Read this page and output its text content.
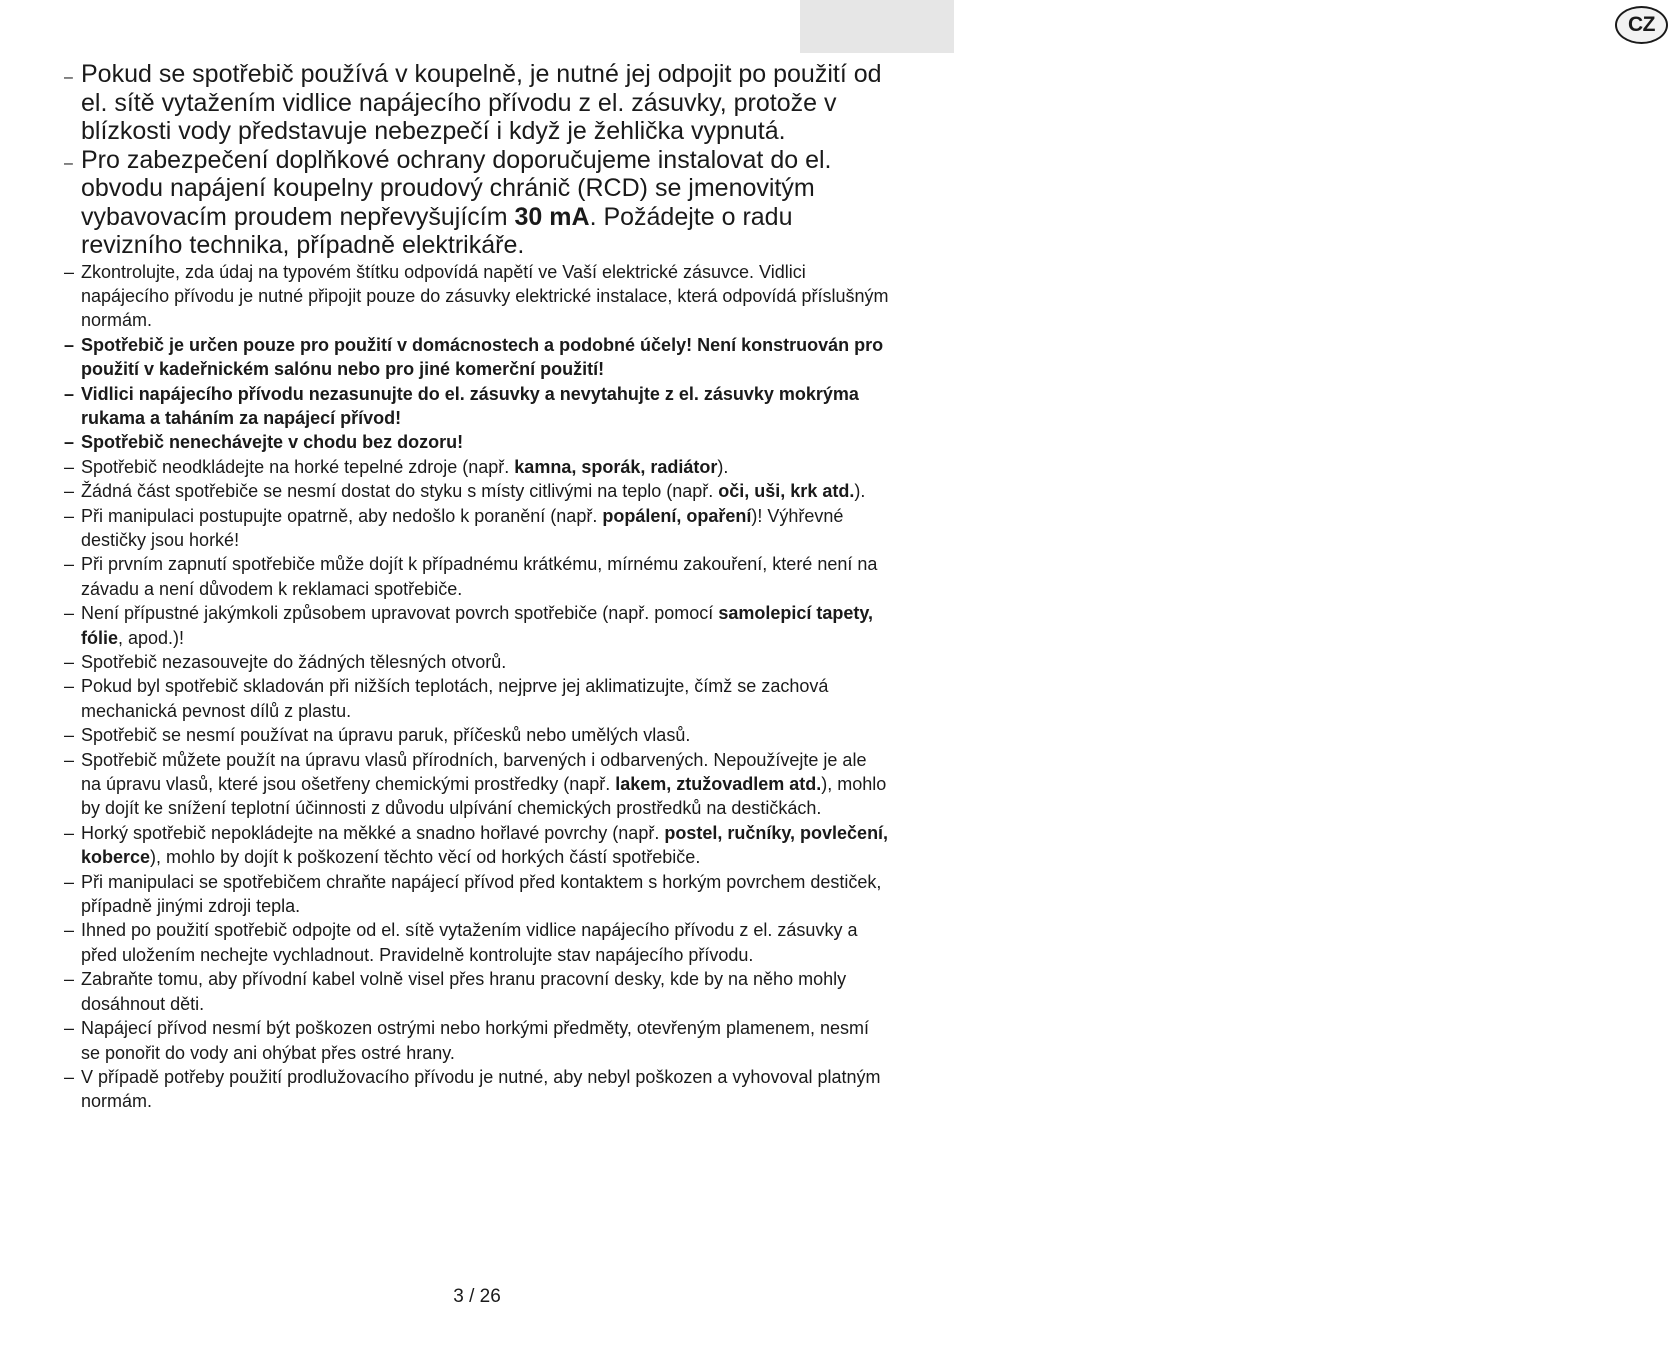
CZ
– Pokud se spotřebič používá v koupelně, je nutné jej odpojit po použití od el. sítě vytažením vidlice napájecího přívodu z el. zásuvky, protože v blízkosti vody představuje nebezpečí i když je žehlička vypnutá.
– Pro zabezpečení doplňkové ochrany doporučujeme instalovat do el. obvodu napájení koupelny proudový chránič (RCD) se jmenovitým vybavovacím proudem nepřevyšujícím 30 mA. Požádejte o radu revizního technika, případně elektrikáře.
– Zkontrolujte, zda údaj na typovém štítku odpovídá napětí ve Vaší elektrické zásuvce. Vidlici napájecího přívodu je nutné připojit pouze do zásuvky elektrické instalace, která odpovídá příslušným normám.
– Spotřebič je určen pouze pro použití v domácnostech a podobné účely! Není konstruován pro použití v kadeřnickém salónu nebo pro jiné komerční použití!
– Vidlici napájecího přívodu nezasunujte do el. zásuvky a nevytahujte z el. zásuvky mokrýma rukama a taháním za napájecí přívod!
– Spotřebič nenechávejte v chodu bez dozoru!
– Spotřebič neodkládejte na horké tepelné zdroje (např. kamna, sporák, radiátor).
– Žádná část spotřebiče se nesmí dostat do styku s místy citlivými na teplo (např. oči, uši, krk atd.).
– Při manipulaci postupujte opatrně, aby nedošlo k poranění (např. popálení, opaření)! Výhřevné destičky jsou horké!
– Při prvním zapnutí spotřebiče může dojít k případnému krátkému, mírnému zakouření, které není na závadu a není důvodem k reklamaci spotřebiče.
– Není přípustné jakýmkoli způsobem upravovat povrch spotřebiče (např. pomocí samolepicí tapety, fólie, apod.)!
– Spotřebič nezasouvejte do žádných tělesných otvorů.
– Pokud byl spotřebič skladován při nižších teplotách, nejprve jej aklimatizujte, čímž se zachová mechanická pevnost dílů z plastu.
– Spotřebič se nesmí používat na úpravu paruk, příčesků nebo umělých vlasů.
– Spotřebič můžete použít na úpravu vlasů přírodních, barvených i odbarvených. Nepoužívejte je ale na úpravu vlasů, které jsou ošetřeny chemickými prostředky (např. lakem, ztužovadlem atd.), mohlo by dojít ke snížení teplotní účinnosti z důvodu ulpívání chemických prostředků na destičkách.
– Horký spotřebič nepokládejte na měkké a snadno hořlavé povrchy (např. postel, ručníky, povlečení, koberce), mohlo by dojít k poškození těchto věcí od horkých částí spotřebiče.
– Při manipulaci se spotřebičem chraňte napájecí přívod před kontaktem s horkým povrchem destiček, případně jinými zdroji tepla.
– Ihned po použití spotřebič odpojte od el. sítě vytažením vidlice napájecího přívodu z el. zásuvky a před uložením nechejte vychladnout. Pravidelně kontrolujte stav napájecího přívodu.
– Zabraňte tomu, aby přívodní kabel volně visel přes hranu pracovní desky, kde by na něho mohly dosáhnout děti.
– Napájecí přívod nesmí být poškozen ostrými nebo horkými předměty, otevřeným plamenem, nesmí se ponořit do vody ani ohýbat přes ostré hrany.
– V případě potřeby použití prodlužovacího přívodu je nutné, aby nebyl poškozen a vyhovoval platným normám.
3 / 26
